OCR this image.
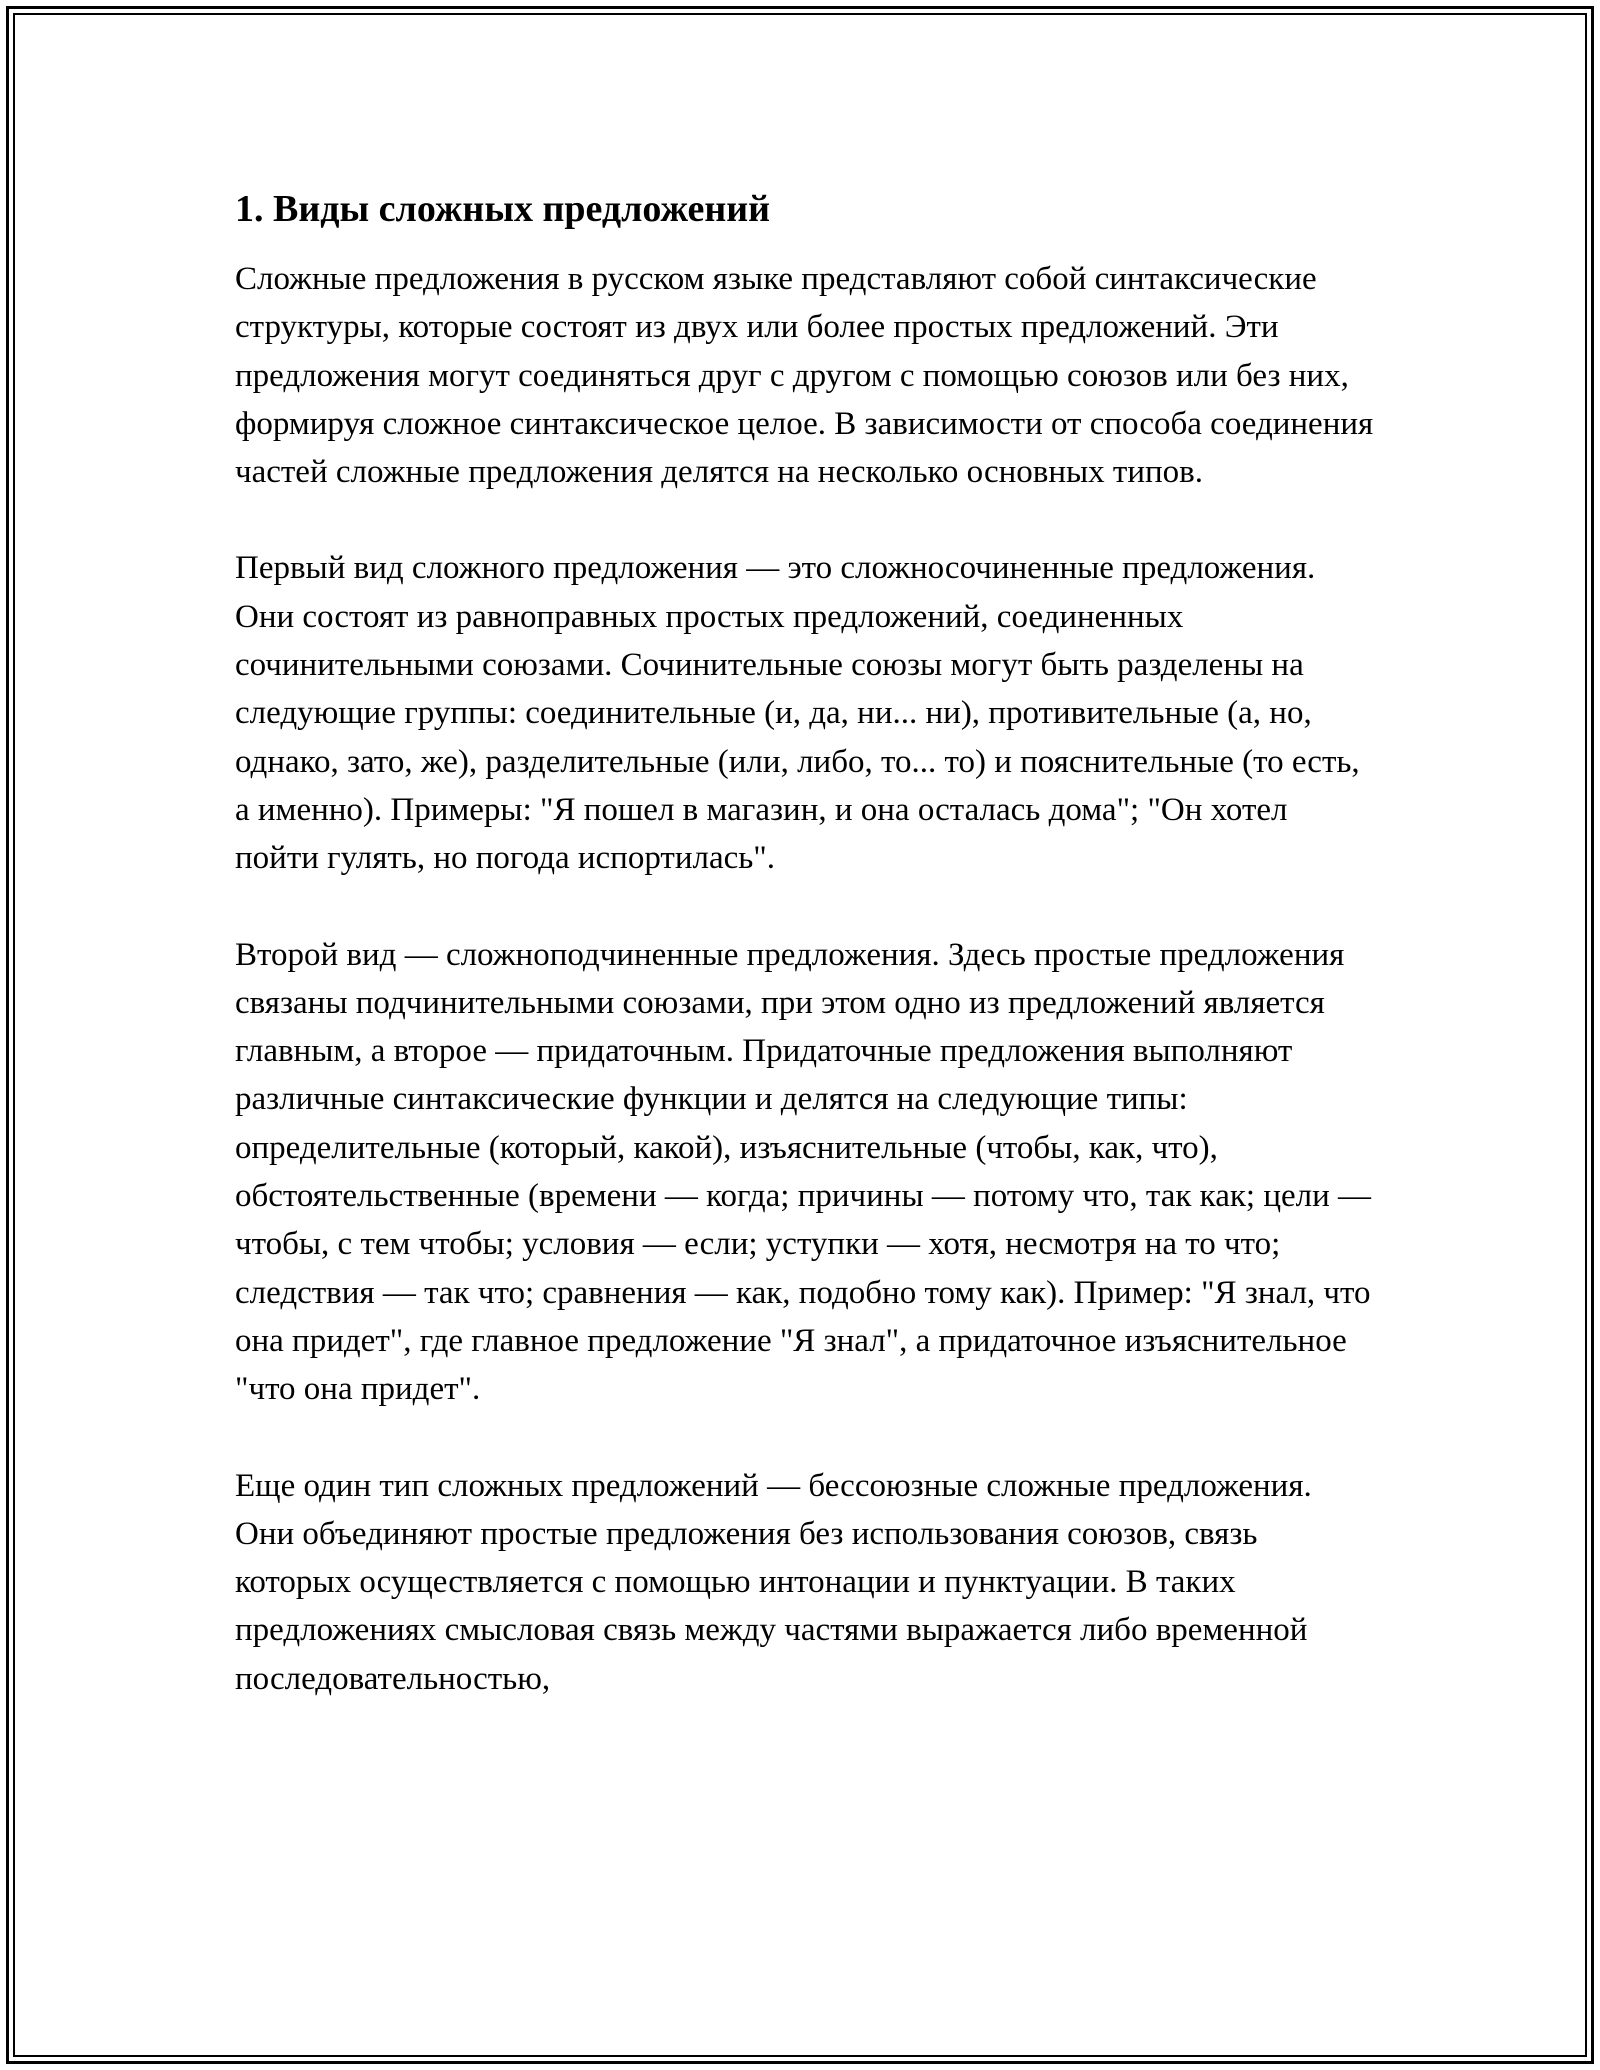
1. Виды сложных предложений

Сложные предложения в русском языке представляют собой синтаксические структуры, которые состоят из двух или более простых предложений. Эти предложения могут соединяться друг с другом с помощью союзов или без них, формируя сложное синтаксическое целое. В зависимости от способа соединения частей сложные предложения делятся на несколько основных типов.

Первый вид сложного предложения — это сложносочиненные предложения. Они состоят из равноправных простых предложений, соединенных сочинительными союзами. Сочинительные союзы могут быть разделены на следующие группы: соединительные (и, да, ни... ни), противительные (а, но, однако, зато, же), разделительные (или, либо, то... то) и пояснительные (то есть, а именно). Примеры: "Я пошел в магазин, и она осталась дома"; "Он хотел пойти гулять, но погода испортилась".

Второй вид — сложноподчиненные предложения. Здесь простые предложения связаны подчинительными союзами, при этом одно из предложений является главным, а второе — придаточным. Придаточные предложения выполняют различные синтаксические функции и делятся на следующие типы: определительные (который, какой), изъяснительные (чтобы, как, что), обстоятельственные (времени — когда; причины — потому что, так как; цели — чтобы, с тем чтобы; условия — если; уступки — хотя, несмотря на то что; следствия — так что; сравнения — как, подобно тому как). Пример: "Я знал, что она придет", где главное предложение "Я знал", а придаточное изъяснительное "что она придет".

Еще один тип сложных предложений — бессоюзные сложные предложения. Они объединяют простые предложения без использования союзов, связь которых осуществляется с помощью интонации и пунктуации. В таких предложениях смысловая связь между частями выражается либо временной последовательностью,
